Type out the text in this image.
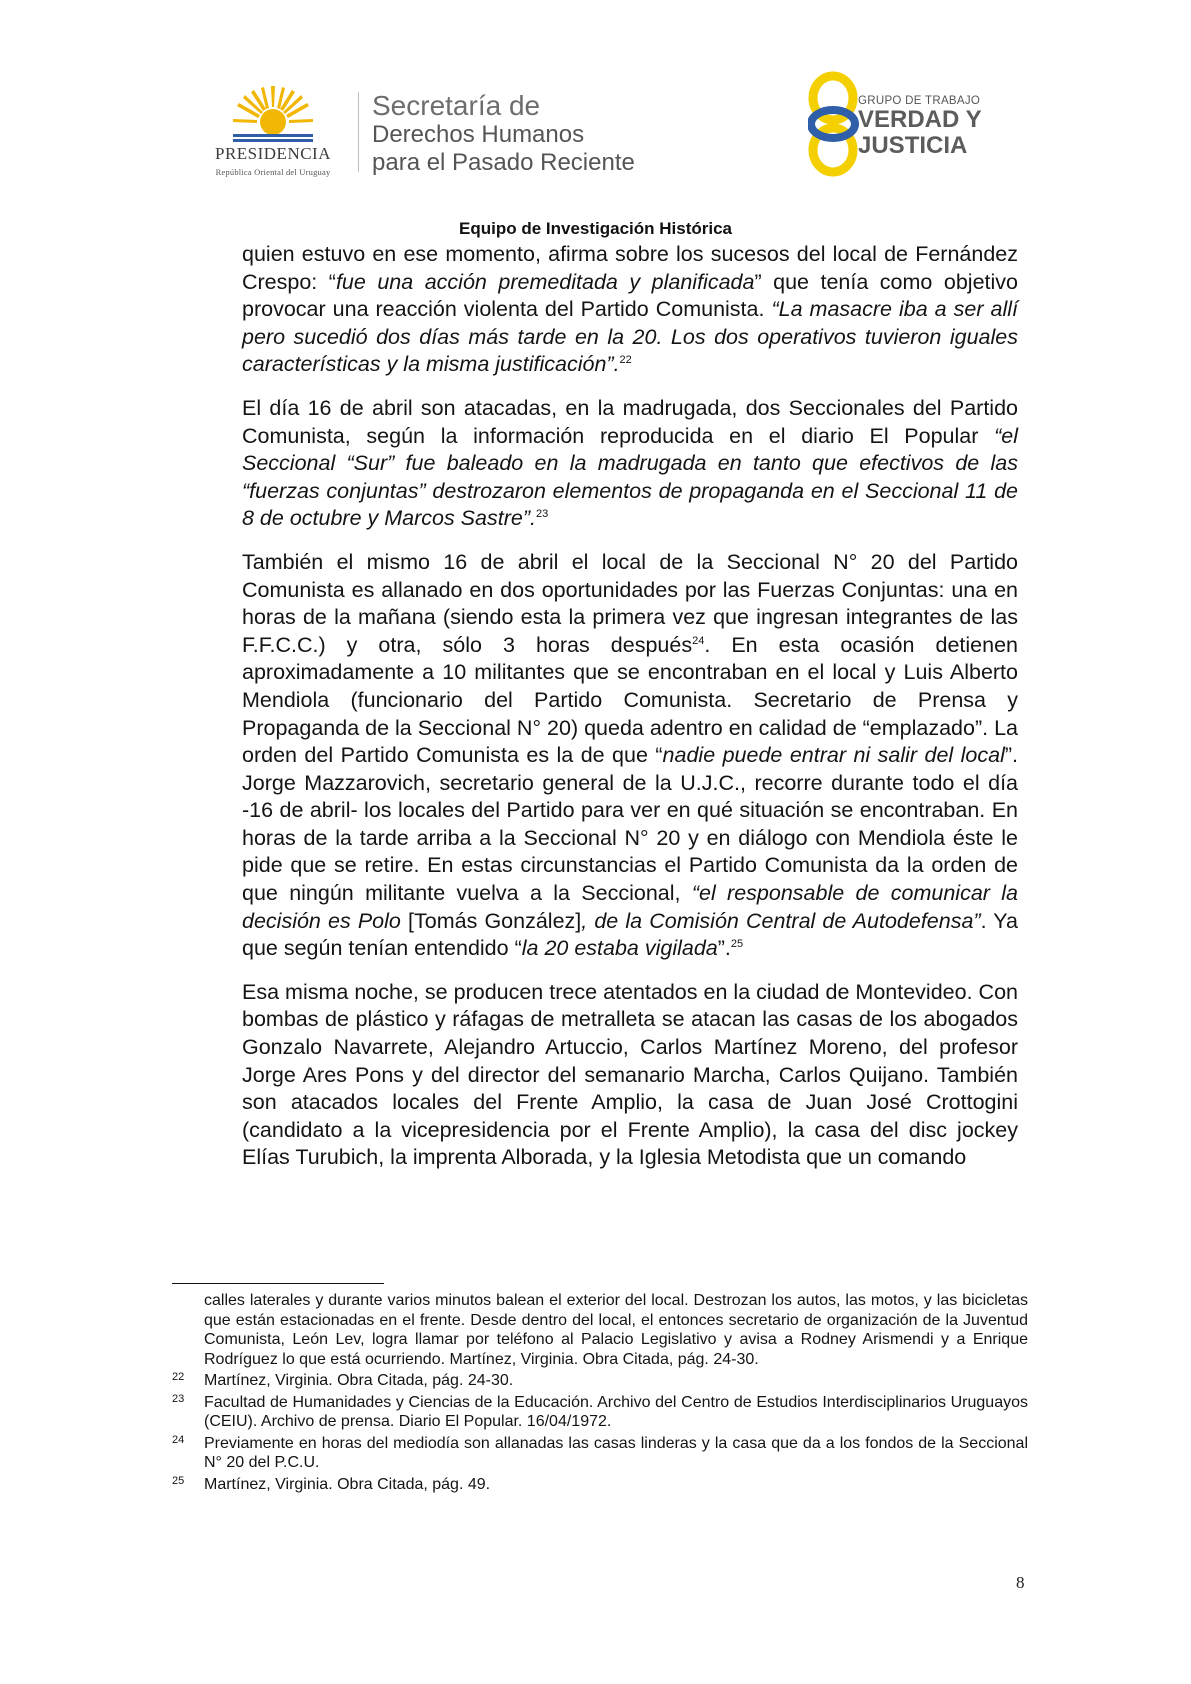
PRESIDENCIA
República Oriental del Uruguay
Secretaría de
Derechos Humanos
para el Pasado Reciente
GRUPO DE TRABAJO
VERDAD Y
JUSTICIA
Equipo de Investigación Histórica

quien estuvo en ese momento, afirma sobre los sucesos del local de Fernández Crespo: “fue una acción premeditada y planificada” que tenía como objetivo provocar una reacción violenta del Partido Comunista. “La masacre iba a ser allí pero sucedió dos días más tarde en la 20. Los dos operativos tuvieron iguales características y la misma justificación”.$^{22}$

El día 16 de abril son atacadas, en la madrugada, dos Seccionales del Partido Comunista, según la información reproducida en el diario El Popular “el Seccional “Sur” fue baleado en la madrugada en tanto que efectivos de las “fuerzas conjuntas” destrozaron elementos de propaganda en el Seccional 11 de 8 de octubre y Marcos Sastre”.$^{23}$

También el mismo 16 de abril el local de la Seccional N° 20 del Partido Comunista es allanado en dos oportunidades por las Fuerzas Conjuntas: una en horas de la mañana (siendo esta la primera vez que ingresan integrantes de las F.F.C.C.) y otra, sólo 3 horas después$^{24}$. En esta ocasión detienen aproximadamente a 10 militantes que se encontraban en el local y Luis Alberto Mendiola (funcionario del Partido Comunista. Secretario de Prensa y Propaganda de la Seccional N° 20) queda adentro en calidad de “emplazado”. La orden del Partido Comunista es la de que “nadie puede entrar ni salir del local”. Jorge Mazzarovich, secretario general de la U.J.C., recorre durante todo el día -16 de abril- los locales del Partido para ver en qué situación se encontraban. En horas de la tarde arriba a la Seccional N° 20 y en diálogo con Mendiola éste le pide que se retire. En estas circunstancias el Partido Comunista da la orden de que ningún militante vuelva a la Seccional, “el responsable de comunicar la decisión es Polo [Tomás González], de la Comisión Central de Autodefensa”. Ya que según tenían entendido “la 20 estaba vigilada”.$^{25}$

Esa misma noche, se producen trece atentados en la ciudad de Montevideo. Con bombas de plástico y ráfagas de metralleta se atacan las casas de los abogados Gonzalo Navarrete, Alejandro Artuccio, Carlos Martínez Moreno, del profesor Jorge Ares Pons y del director del semanario Marcha, Carlos Quijano. También son atacados locales del Frente Amplio, la casa de Juan José Crottogini (candidato a la vicepresidencia por el Frente Amplio), la casa del disc jockey Elías Turubich, la imprenta Alborada, y la Iglesia Metodista que un comando

calles laterales y durante varios minutos balean el exterior del local. Destrozan los autos, las motos, y las bicicletas que están estacionadas en el frente. Desde dentro del local, el entonces secretario de organización de la Juventud Comunista, León Lev, logra llamar por teléfono al Palacio Legislativo y avisa a Rodney Arismendi y a Enrique Rodríguez lo que está ocurriendo. Martínez, Virginia. Obra Citada, pág. 24-30.
22	Martínez, Virginia. Obra Citada, pág. 24-30.
23	Facultad de Humanidades y Ciencias de la Educación. Archivo del Centro de Estudios Interdisciplinarios Uruguayos (CEIU). Archivo de prensa. Diario El Popular. 16/04/1972.
24	Previamente en horas del mediodía son allanadas las casas linderas y la casa que da a los fondos de la Seccional N° 20 del P.C.U.
25	Martínez, Virginia. Obra Citada, pág. 49.
8
